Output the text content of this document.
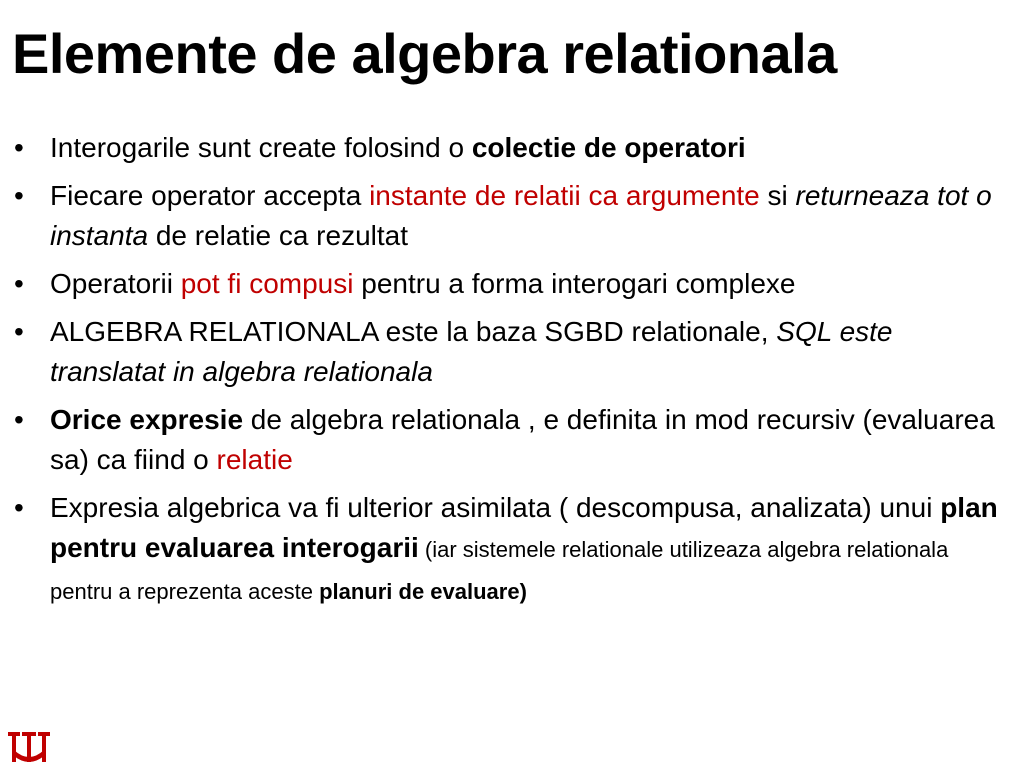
Elemente de algebra relationala
• Interogarile sunt create folosind o colectie de operatori
• Fiecare operator accepta instante de relatii ca argumente si returneaza tot o instanta de relatie ca rezultat
• Operatorii pot fi compusi pentru a forma interogari complexe
• ALGEBRA RELATIONALA este la baza SGBD relationale, SQL este translatat in algebra relationala
• Orice expresie de algebra relationala , e definita in mod recursiv (evaluarea sa) ca fiind o relatie
• Expresia algebrica va fi ulterior asimilata ( descompusa, analizata) unui plan pentru evaluarea interogarii (iar sistemele relationale utilizeaza algebra relationala pentru a reprezenta aceste planuri de evaluare)
